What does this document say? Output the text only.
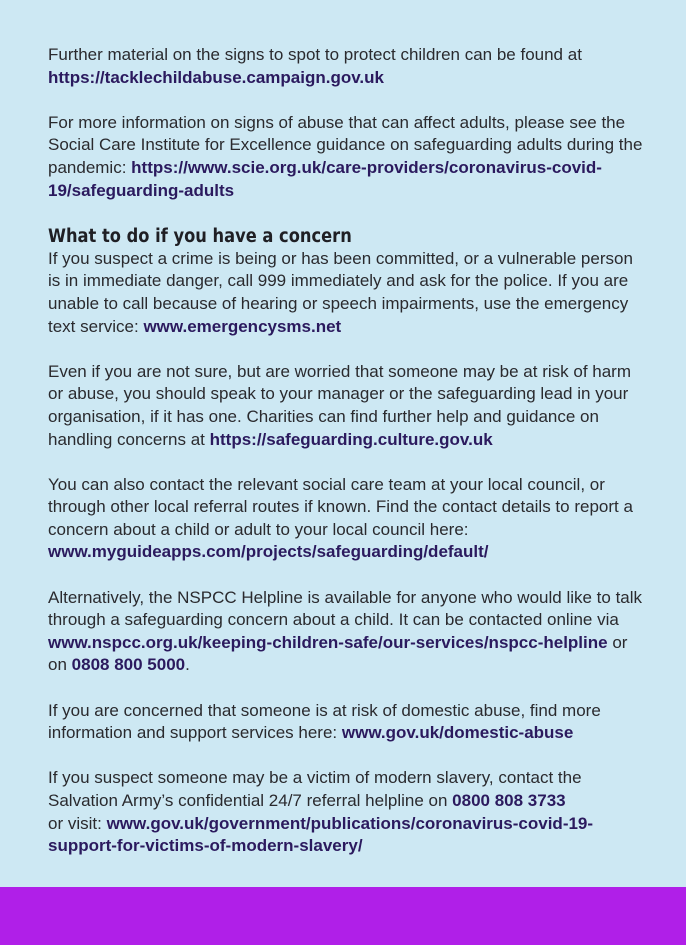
Further material on the signs to spot to protect children can be found at
https://tacklechildabuse.campaign.gov.uk

For more information on signs of abuse that can affect adults, please see the Social Care Institute for Excellence guidance on safeguarding adults during the pandemic: https://www.scie.org.uk/care-providers/coronavirus-covid-19/safeguarding-adults

What to do if you have a concern

If you suspect a crime is being or has been committed, or a vulnerable person is in immediate danger, call 999 immediately and ask for the police. If you are unable to call because of hearing or speech impairments, use the emergency text service: www.emergencysms.net

Even if you are not sure, but are worried that someone may be at risk of harm or abuse, you should speak to your manager or the safeguarding lead in your organisation, if it has one. Charities can find further help and guidance on handling concerns at https://safeguarding.culture.gov.uk

You can also contact the relevant social care team at your local council, or through other local referral routes if known. Find the contact details to report a concern about a child or adult to your local council here:
www.myguideapps.com/projects/safeguarding/default/

Alternatively, the NSPCC Helpline is available for anyone who would like to talk through a safeguarding concern about a child. It can be contacted online via www.nspcc.org.uk/keeping-children-safe/our-services/nspcc-helpline or on 0808 800 5000.

If you are concerned that someone is at risk of domestic abuse, find more information and support services here: www.gov.uk/domestic-abuse

If you suspect someone may be a victim of modern slavery, contact the Salvation Army’s confidential 24/7 referral helpline on 0800 808 3733
or visit: www.gov.uk/government/publications/coronavirus-covid-19-support-for-victims-of-modern-slavery/
